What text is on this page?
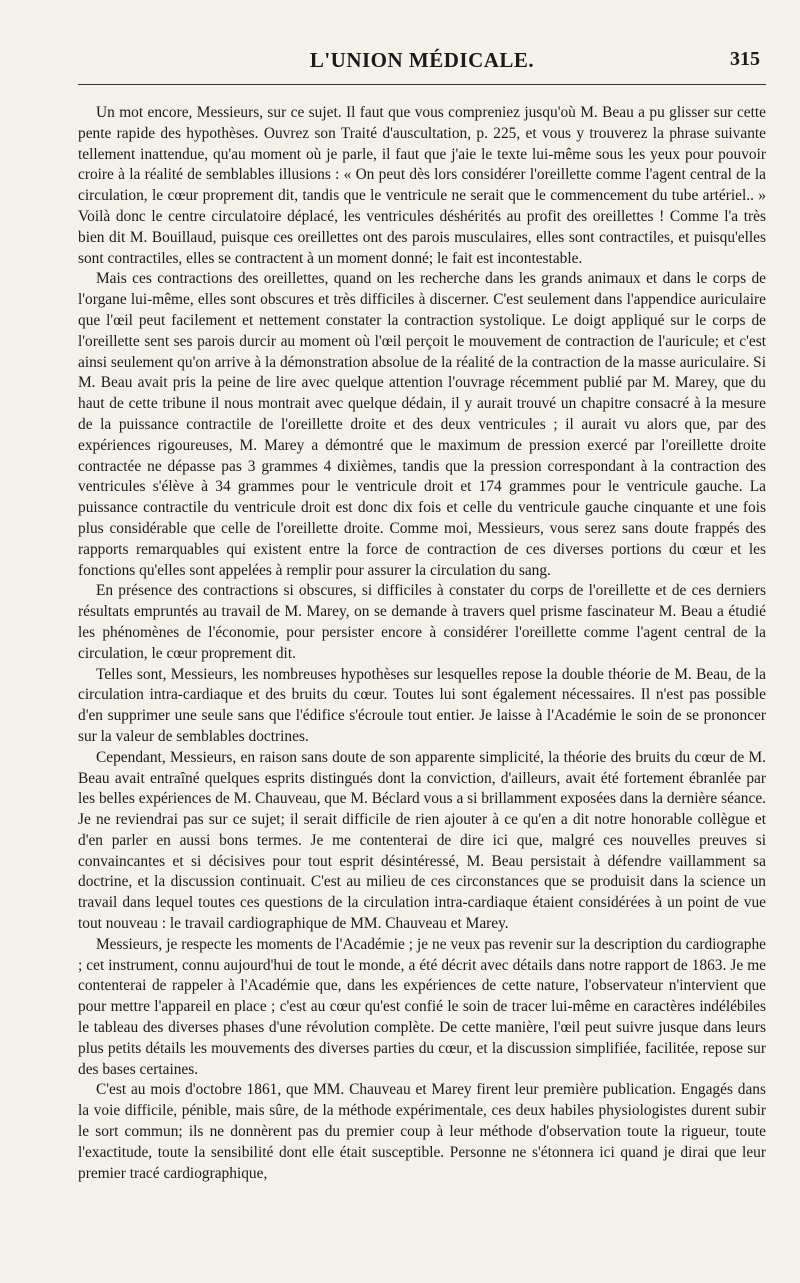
L'UNION MÉDICALE.	315

Un mot encore, Messieurs, sur ce sujet. Il faut que vous compreniez jusqu'où M. Beau a pu glisser sur cette pente rapide des hypothèses. Ouvrez son Traité d'auscultation, p. 225, et vous y trouverez la phrase suivante tellement inattendue, qu'au moment où je parle, il faut que j'aie le texte lui-même sous les yeux pour pouvoir croire à la réalité de semblables illusions : « On peut dès lors considérer l'oreillette comme l'agent central de la circulation, le cœur proprement dit, tandis que le ventricule ne serait que le commencement du tube artériel.. » Voilà donc le centre circulatoire déplacé, les ventricules déshérités au profit des oreillettes ! Comme l'a très bien dit M. Bouillaud, puisque ces oreillettes ont des parois musculaires, elles sont contractiles, et puisqu'elles sont contractiles, elles se contractent à un moment donné; le fait est incontestable.

Mais ces contractions des oreillettes, quand on les recherche dans les grands animaux et dans le corps de l'organe lui-même, elles sont obscures et très difficiles à discerner. C'est seulement dans l'appendice auriculaire que l'œil peut facilement et nettement constater la contraction systolique. Le doigt appliqué sur le corps de l'oreillette sent ses parois durcir au moment où l'œil perçoit le mouvement de contraction de l'auricule; et c'est ainsi seulement qu'on arrive à la démonstration absolue de la réalité de la contraction de la masse auriculaire. Si M. Beau avait pris la peine de lire avec quelque attention l'ouvrage récemment publié par M. Marey, que du haut de cette tribune il nous montrait avec quelque dédain, il y aurait trouvé un chapitre consacré à la mesure de la puissance contractile de l'oreillette droite et des deux ventricules ; il aurait vu alors que, par des expériences rigoureuses, M. Marey a démontré que le maximum de pression exercé par l'oreillette droite contractée ne dépasse pas 3 grammes 4 dixièmes, tandis que la pression correspondant à la contraction des ventricules s'élève à 34 grammes pour le ventricule droit et 174 grammes pour le ventricule gauche. La puissance contractile du ventricule droit est donc dix fois et celle du ventricule gauche cinquante et une fois plus considérable que celle de l'oreillette droite. Comme moi, Messieurs, vous serez sans doute frappés des rapports remarquables qui existent entre la force de contraction de ces diverses portions du cœur et les fonctions qu'elles sont appelées à remplir pour assurer la circulation du sang.

En présence des contractions si obscures, si difficiles à constater du corps de l'oreillette et de ces derniers résultats empruntés au travail de M. Marey, on se demande à travers quel prisme fascinateur M. Beau a étudié les phénomènes de l'économie, pour persister encore à considérer l'oreillette comme l'agent central de la circulation, le cœur proprement dit.

Telles sont, Messieurs, les nombreuses hypothèses sur lesquelles repose la double théorie de M. Beau, de la circulation intra-cardiaque et des bruits du cœur. Toutes lui sont également nécessaires. Il n'est pas possible d'en supprimer une seule sans que l'édifice s'écroule tout entier. Je laisse à l'Académie le soin de se prononcer sur la valeur de semblables doctrines.

Cependant, Messieurs, en raison sans doute de son apparente simplicité, la théorie des bruits du cœur de M. Beau avait entraîné quelques esprits distingués dont la conviction, d'ailleurs, avait été fortement ébranlée par les belles expériences de M. Chauveau, que M. Béclard vous a si brillamment exposées dans la dernière séance. Je ne reviendrai pas sur ce sujet; il serait difficile de rien ajouter à ce qu'en a dit notre honorable collègue et d'en parler en aussi bons termes. Je me contenterai de dire ici que, malgré ces nouvelles preuves si convaincantes et si décisives pour tout esprit désintéressé, M. Beau persistait à défendre vaillamment sa doctrine, et la discussion continuait. C'est au milieu de ces circonstances que se produisit dans la science un travail dans lequel toutes ces questions de la circulation intra-cardiaque étaient considérées à un point de vue tout nouveau : le travail cardiographique de MM. Chauveau et Marey.

Messieurs, je respecte les moments de l'Académie ; je ne veux pas revenir sur la description du cardiographe ; cet instrument, connu aujourd'hui de tout le monde, a été décrit avec détails dans notre rapport de 1863. Je me contenterai de rappeler à l'Académie que, dans les expériences de cette nature, l'observateur n'intervient que pour mettre l'appareil en place ; c'est au cœur qu'est confié le soin de tracer lui-même en caractères indélébiles le tableau des diverses phases d'une révolution complète. De cette manière, l'œil peut suivre jusque dans leurs plus petits détails les mouvements des diverses parties du cœur, et la discussion simplifiée, facilitée, repose sur des bases certaines.

C'est au mois d'octobre 1861, que MM. Chauveau et Marey firent leur première publication. Engagés dans la voie difficile, pénible, mais sûre, de la méthode expérimentale, ces deux habiles physiologistes durent subir le sort commun; ils ne donnèrent pas du premier coup à leur méthode d'observation toute la rigueur, toute l'exactitude, toute la sensibilité dont elle était susceptible. Personne ne s'étonnera ici quand je dirai que leur premier tracé cardiographique,
